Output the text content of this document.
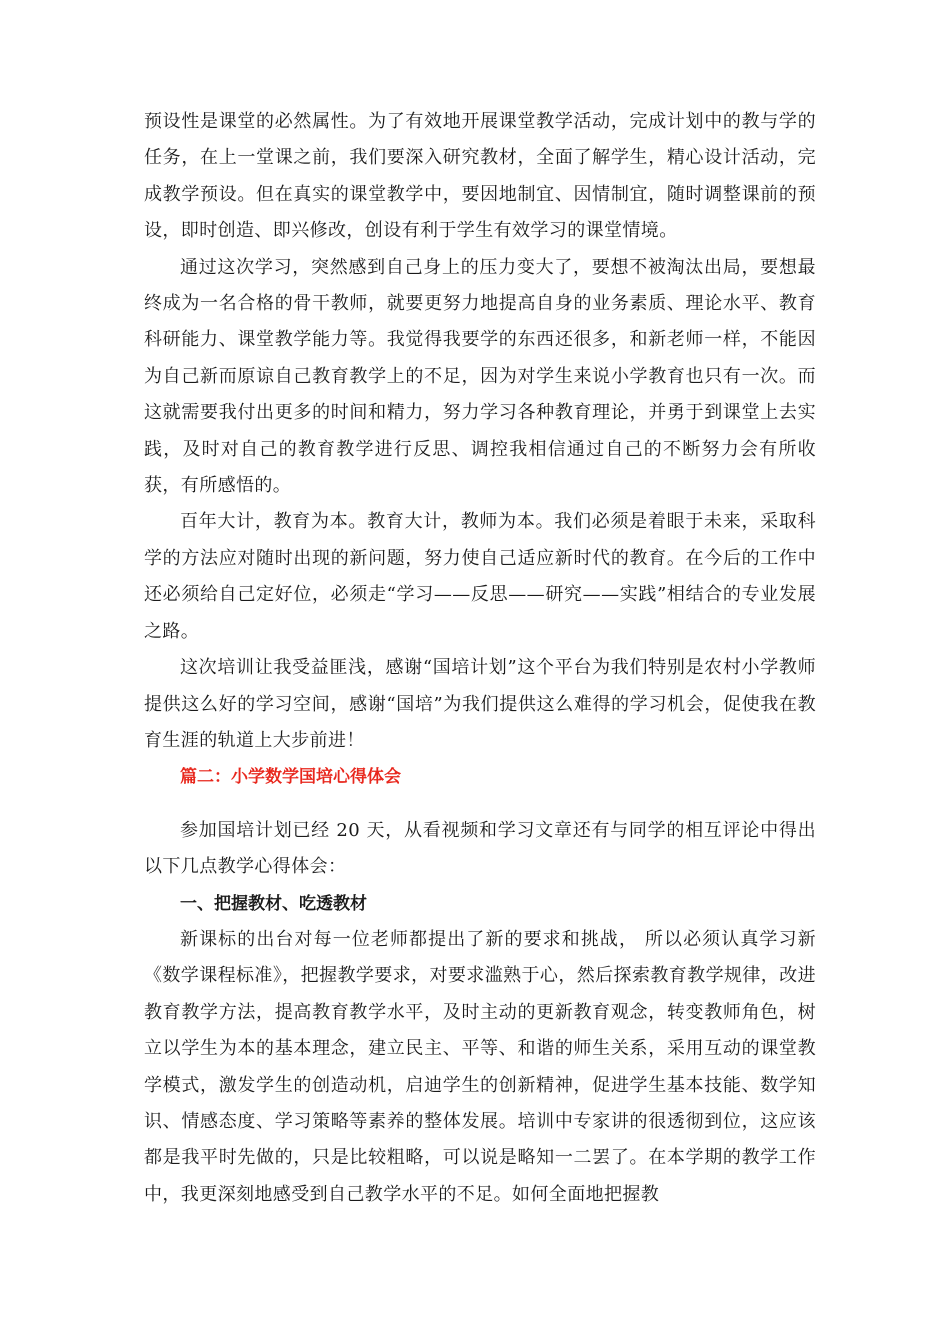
预设性是课堂的必然属性。为了有效地开展课堂教学活动，完成计划中的教与学的任务，在上一堂课之前，我们要深入研究教材，全面了解学生，精心设计活动，完成教学预设。但在真实的课堂教学中，要因地制宜、因情制宜，随时调整课前的预设，即时创造、即兴修改，创设有利于学生有效学习的课堂情境。

通过这次学习，突然感到自己身上的压力变大了，要想不被淘汰出局，要想最终成为一名合格的骨干教师，就要更努力地提高自身的业务素质、理论水平、教育科研能力、课堂教学能力等。我觉得我要学的东西还很多，和新老师一样，不能因为自己新而原谅自己教育教学上的不足，因为对学生来说小学教育也只有一次。而这就需要我付出更多的时间和精力，努力学习各种教育理论，并勇于到课堂上去实践，及时对自己的教育教学进行反思、调控我相信通过自己的不断努力会有所收获，有所感悟的。

百年大计，教育为本。教育大计，教师为本。我们必须是着眼于未来，采取科学的方法应对随时出现的新问题，努力使自己适应新时代的教育。在今后的工作中还必须给自己定好位，必须走“学习——反思——研究——实践”相结合的专业发展之路。

这次培训让我受益匪浅，感谢“国培计划”这个平台为我们特别是农村小学教师提供这么好的学习空间，感谢“国培”为我们提供这么难得的学习机会，促使我在教育生涯的轨道上大步前进！

篇二：小学数学国培心得体会

参加国培计划已经 20 天，从看视频和学习文章还有与同学的相互评论中得出以下几点教学心得体会：

一、把握教材、吃透教材

新课标的出台对每一位老师都提出了新的要求和挑战， 所以必须认真学习新《数学课程标准》，把握教学要求，对要求滥熟于心，然后探索教育教学规律，改进教育教学方法，提高教育教学水平，及时主动的更新教育观念，转变教师角色，树立以学生为本的基本理念，建立民主、平等、和谐的师生关系，采用互动的课堂教学模式，激发学生的创造动机，启迪学生的创新精神，促进学生基本技能、数学知识、情感态度、学习策略等素养的整体发展。培训中专家讲的很透彻到位，这应该都是我平时先做的，只是比较粗略，可以说是略知一二罢了。在本学期的教学工作中，我更深刻地感受到自己教学水平的不足。如何全面地把握教
